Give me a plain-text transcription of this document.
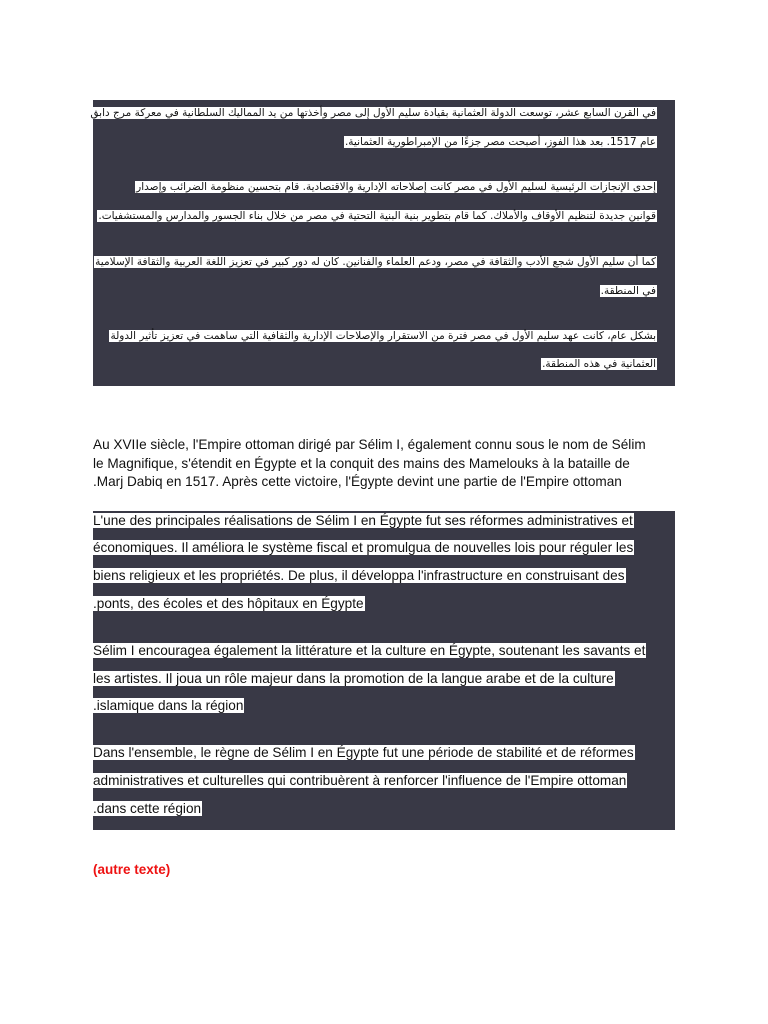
في القرن السابع عشر، توسعت الدولة العثمانية بقيادة سليم الأول إلى مصر وأخذتها من يد المماليك السلطانية في معركة مرج دابق
عام 1517. بعد هذا الفوز، أصبحت مصر جزءًا من الإمبراطورية العثمانية.
إحدى الإنجازات الرئيسية لسليم الأول في مصر كانت إصلاحاته الإدارية والاقتصادية. قام بتحسين منظومة الضرائب وإصدار
قوانين جديدة لتنظيم الأوقاف والأملاك. كما قام بتطوير بنية البنية التحتية في مصر من خلال بناء الجسور والمدارس والمستشفيات.
كما أن سليم الأول شجع الأدب والثقافة في مصر، ودعم العلماء والفنانين. كان له دور كبير في تعزيز اللغة العربية والثقافة الإسلامية
في المنطقة.
بشكل عام، كانت عهد سليم الأول في مصر فترة من الاستقرار والإصلاحات الإدارية والثقافية التي ساهمت في تعزيز تأثير الدولة
العثمانية في هذه المنطقة.
Au XVIIe siècle, l'Empire ottoman dirigé par Sélim I, également connu sous le nom de Sélim
le Magnifique, s'étendit en Égypte et la conquit des mains des Mamelouks à la bataille de
.Marj Dabiq en 1517. Après cette victoire, l'Égypte devint une partie de l'Empire ottoman
L'une des principales réalisations de Sélim I en Égypte fut ses réformes administratives et
économiques. Il améliora le système fiscal et promulgua de nouvelles lois pour réguler les
biens religieux et les propriétés. De plus, il développa l'infrastructure en construisant des
.ponts, des écoles et des hôpitaux en Égypte
Sélim I encouragea également la littérature et la culture en Égypte, soutenant les savants et
les artistes. Il joua un rôle majeur dans la promotion de la langue arabe et de la culture
.islamique dans la région
Dans l'ensemble, le règne de Sélim I en Égypte fut une période de stabilité et de réformes
administratives et culturelles qui contribuèrent à renforcer l'influence de l'Empire ottoman
.dans cette région
(autre texte)
